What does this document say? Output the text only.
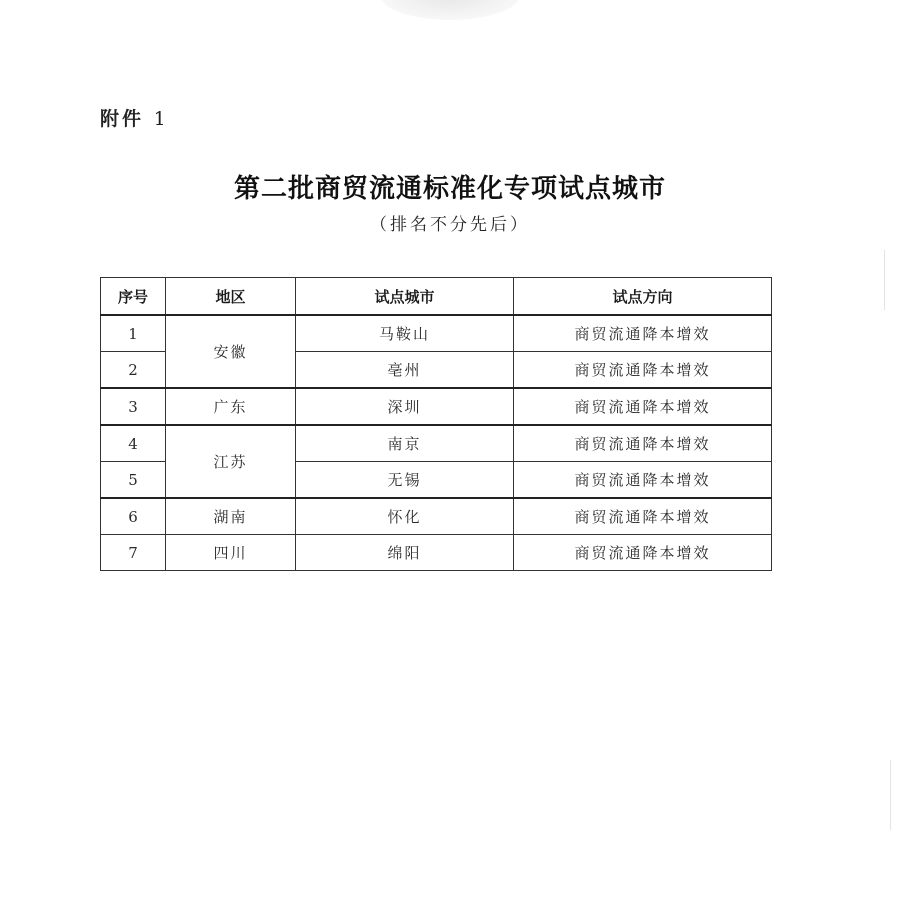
附件 1
第二批商贸流通标准化专项试点城市
（排名不分先后）
序号	地区	试点城市	试点方向
1	安徽	马鞍山	商贸流通降本增效
2		亳州	商贸流通降本增效
3	广东	深圳	商贸流通降本增效
4	江苏	南京	商贸流通降本增效
5		无锡	商贸流通降本增效
6	湖南	怀化	商贸流通降本增效
7	四川	绵阳	商贸流通降本增效
